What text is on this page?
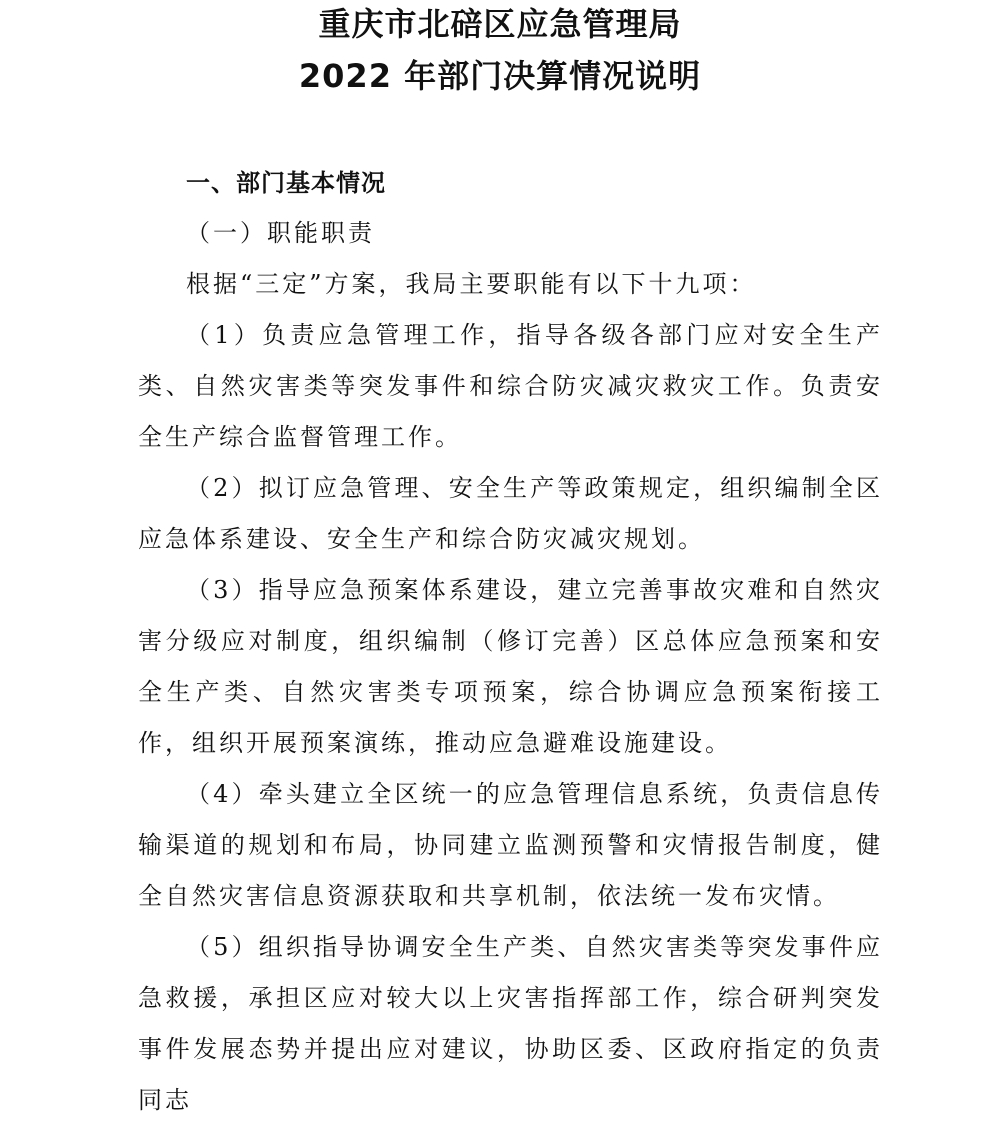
重庆市北碚区应急管理局
2022 年部门决算情况说明

一、部门基本情况

（一）职能职责

根据“三定”方案，我局主要职能有以下十九项：

（1）负责应急管理工作，指导各级各部门应对安全生产类、自然灾害类等突发事件和综合防灾减灾救灾工作。负责安全生产综合监督管理工作。

（2）拟订应急管理、安全生产等政策规定，组织编制全区应急体系建设、安全生产和综合防灾减灾规划。

（3）指导应急预案体系建设，建立完善事故灾难和自然灾害分级应对制度，组织编制（修订完善）区总体应急预案和安全生产类、自然灾害类专项预案，综合协调应急预案衔接工作，组织开展预案演练，推动应急避难设施建设。

（4）牵头建立全区统一的应急管理信息系统，负责信息传输渠道的规划和布局，协同建立监测预警和灾情报告制度，健全自然灾害信息资源获取和共享机制，依法统一发布灾情。

（5）组织指导协调安全生产类、自然灾害类等突发事件应急救援，承担区应对较大以上灾害指挥部工作，综合研判突发事件发展态势并提出应对建议，协助区委、区政府指定的负责同志
